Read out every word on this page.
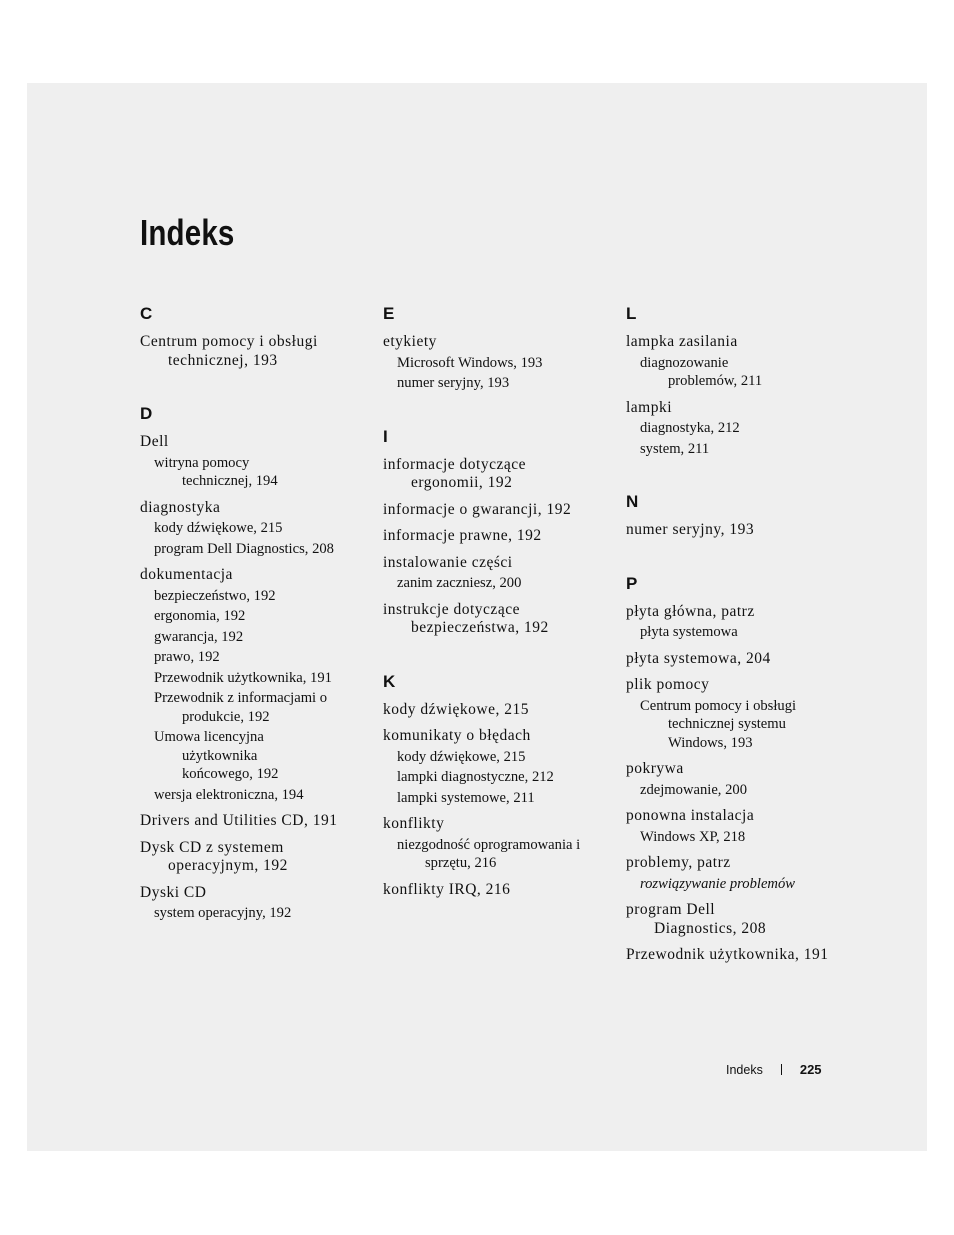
Indeks
C
Centrum pomocy i obsługi
technicznej, 193
D
Dell
witryna pomocy
technicznej, 194
diagnostyka
kody dźwiękowe, 215
program Dell Diagnostics, 208
dokumentacja
bezpieczeństwo, 192
ergonomia, 192
gwarancja, 192
prawo, 192
Przewodnik użytkownika, 191
Przewodnik z informacjami o
produkcie, 192
Umowa licencyjna
użytkownika
końcowego, 192
wersja elektroniczna, 194
Drivers and Utilities CD, 191
Dysk CD z systemem
operacyjnym, 192
Dyski CD
system operacyjny, 192
E
etykiety
Microsoft Windows, 193
numer seryjny, 193
I
informacje dotyczące
ergonomii, 192
informacje o gwarancji, 192
informacje prawne, 192
instalowanie części
zanim zaczniesz, 200
instrukcje dotyczące
bezpieczeństwa, 192
K
kody dźwiękowe, 215
komunikaty o błędach
kody dźwiękowe, 215
lampki diagnostyczne, 212
lampki systemowe, 211
konflikty
niezgodność oprogramowania i
sprzętu, 216
konflikty IRQ, 216
L
lampka zasilania
diagnozowanie
problemów, 211
lampki
diagnostyka, 212
system, 211
N
numer seryjny, 193
P
płyta główna, patrz
płyta systemowa
płyta systemowa, 204
plik pomocy
Centrum pomocy i obsługi
technicznej systemu
Windows, 193
pokrywa
zdejmowanie, 200
ponowna instalacja
Windows XP, 218
problemy, patrz
rozwiązywanie problemów
program Dell
Diagnostics, 208
Przewodnik użytkownika, 191
Indeks	225
